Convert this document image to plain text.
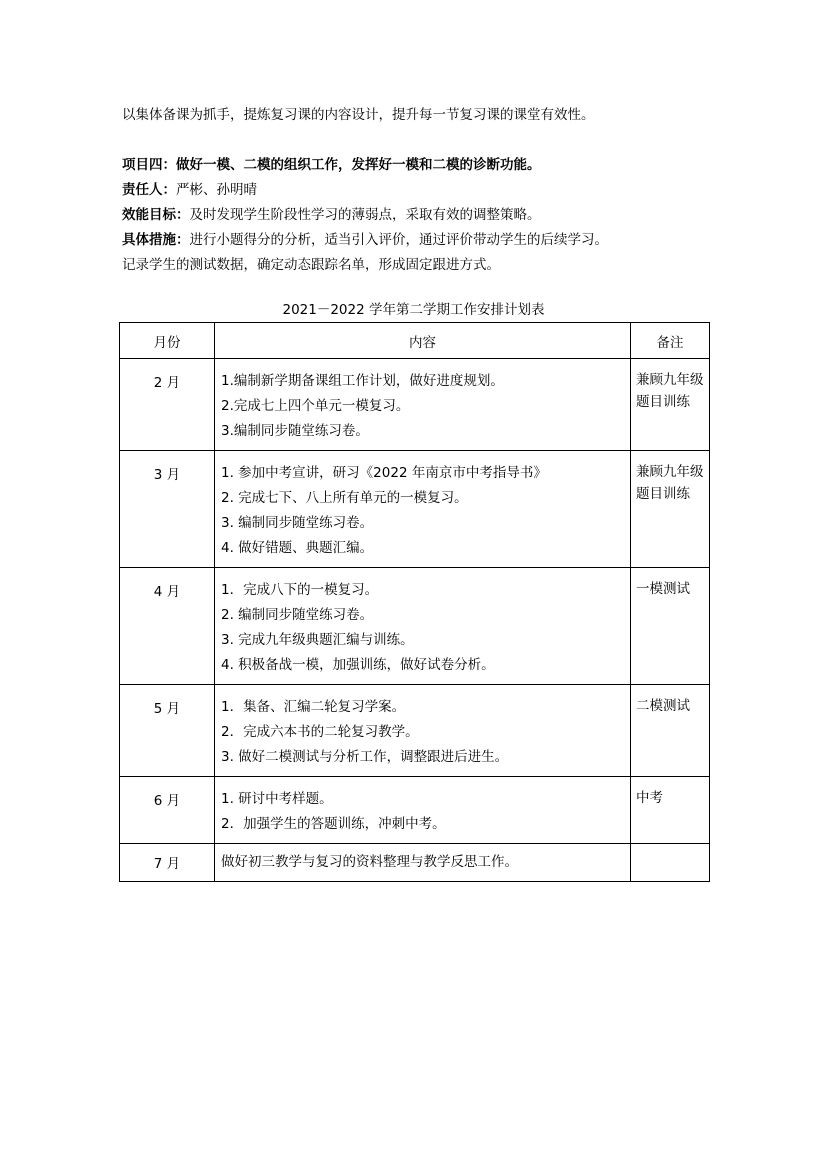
以集体备课为抓手，提炼复习课的内容设计，提升每一节复习课的课堂有效性。
项目四：做好一模、二模的组织工作，发挥好一模和二模的诊断功能。
责任人：严彬、孙明晴
效能目标：及时发现学生阶段性学习的薄弱点，采取有效的调整策略。
具体措施：进行小题得分的分析，适当引入评价，通过评价带动学生的后续学习。
记录学生的测试数据，确定动态跟踪名单，形成固定跟进方式。
2021－2022 学年第二学期工作安排计划表
月份	内容	备注
2 月	1.编制新学期备课组工作计划，做好进度规划。
2.完成七上四个单元一模复习。
3.编制同步随堂练习卷。	兼顾九年级题目训练
3 月	1. 参加中考宣讲，研习《2022 年南京市中考指导书》
2. 完成七下、八上所有单元的一模复习。
3. 编制同步随堂练习卷。
4. 做好错题、典题汇编。	兼顾九年级题目训练
4 月	1．完成八下的一模复习。
2. 编制同步随堂练习卷。
3. 完成九年级典题汇编与训练。
4. 积极备战一模，加强训练，做好试卷分析。	一模测试
5 月	1．集备、汇编二轮复习学案。
2．完成六本书的二轮复习教学。
3. 做好二模测试与分析工作，调整跟进后进生。	二模测试
6 月	1. 研讨中考样题。
2．加强学生的答题训练，冲刺中考。	中考
7 月	做好初三教学与复习的资料整理与教学反思工作。	
